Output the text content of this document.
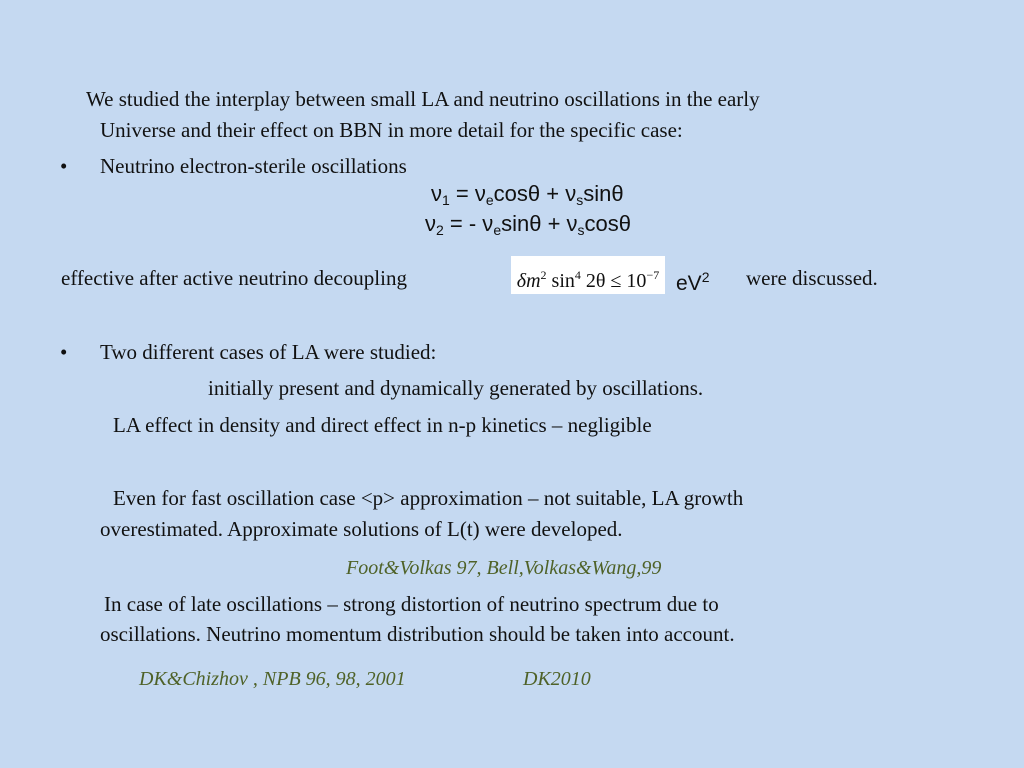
We studied the interplay between small LA and neutrino oscillations in the early
Universe and their effect on BBN in more detail for the specific case:
• Neutrino electron-sterile oscillations
$\nu_1 = \nu_e\cos\theta + \nu_s\sin\theta$
$\nu_2$ = - $\nu_e\sin\theta + \nu_s\cos\theta$
effective after active neutrino decoupling	$\delta m^2$ $\sin^4 2\theta \le 10^{-7}$ $eV^2$ were discussed.
• Two different cases of LA were studied:
initially present and dynamically generated by oscillations.
LA effect in density and direct effect in n-p kinetics – negligible
Even for fast oscillation case <p> approximation – not suitable, LA growth
overestimated. Approximate solutions of L(t) were developed.
Foot&Volkas 97, Bell,Volkas&Wang,99
In case of late oscillations – strong distortion of neutrino spectrum due to
oscillations. Neutrino momentum distribution should be taken into account.
DK&Chizhov , NPB 96, 98, 2001	DK2010
